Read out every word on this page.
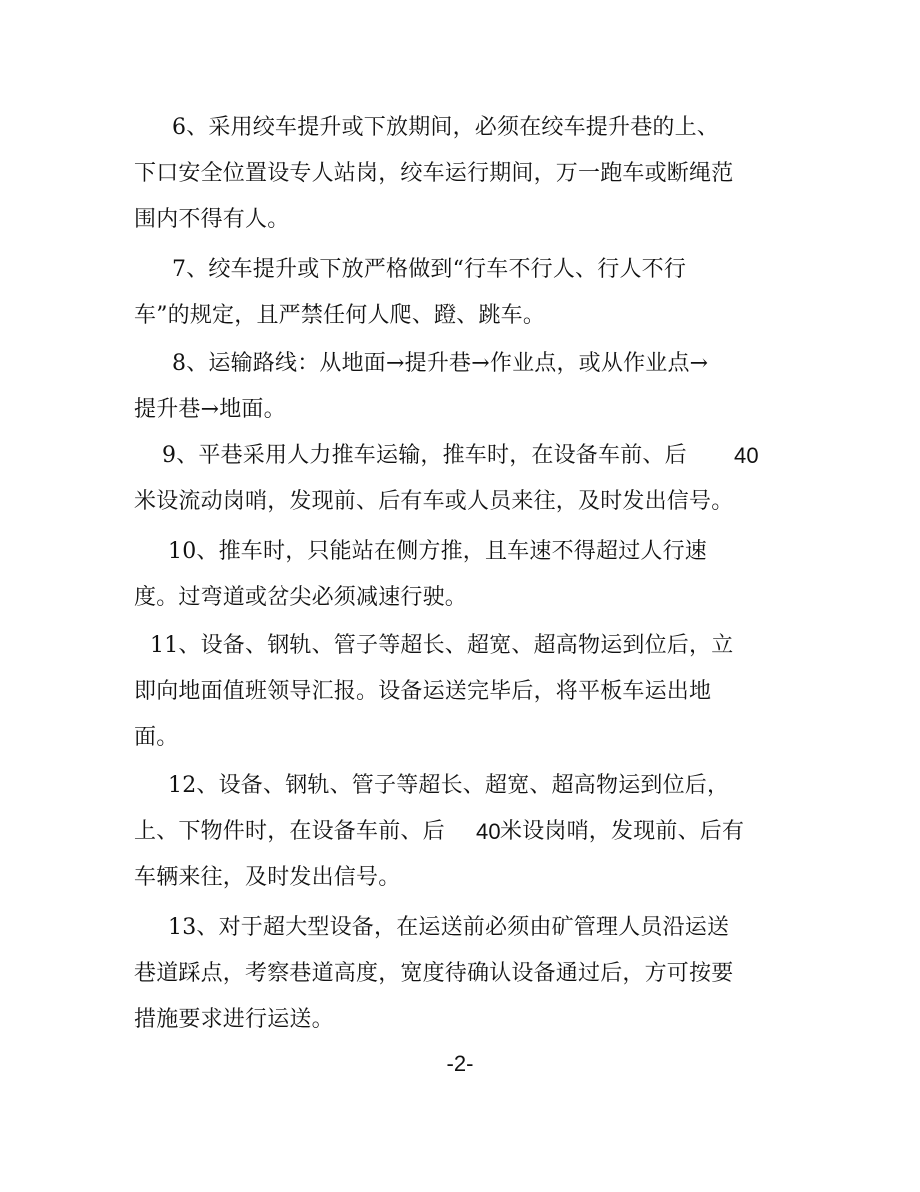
6、采用绞车提升或下放期间，必须在绞车提升巷的上、
下口安全位置设专人站岗，绞车运行期间，万一跑车或断绳范
围内不得有人。
7、绞车提升或下放严格做到“行车不行人、行人不行
车”的规定，且严禁任何人爬、蹬、跳车。
8、运输路线：从地面→提升巷→作业点，或从作业点→
提升巷→地面。
9、平巷采用人力推车运输，推车时，在设备车前、后 40
米设流动岗哨，发现前、后有车或人员来往，及时发出信号。
10、推车时，只能站在侧方推，且车速不得超过人行速
度。过弯道或岔尖必须减速行驶。
11、设备、钢轨、管子等超长、超宽、超高物运到位后，立
即向地面值班领导汇报。设备运送完毕后，将平板车运出地
面。
12、设备、钢轨、管子等超长、超宽、超高物运到位后，
上、下物件时，在设备车前、后 40 米设岗哨，发现前、后有
车辆来往，及时发出信号。
13、对于超大型设备，在运送前必须由矿管理人员沿运送
巷道踩点，考察巷道高度，宽度待确认设备通过后，方可按要
措施要求进行运送。
-2-
